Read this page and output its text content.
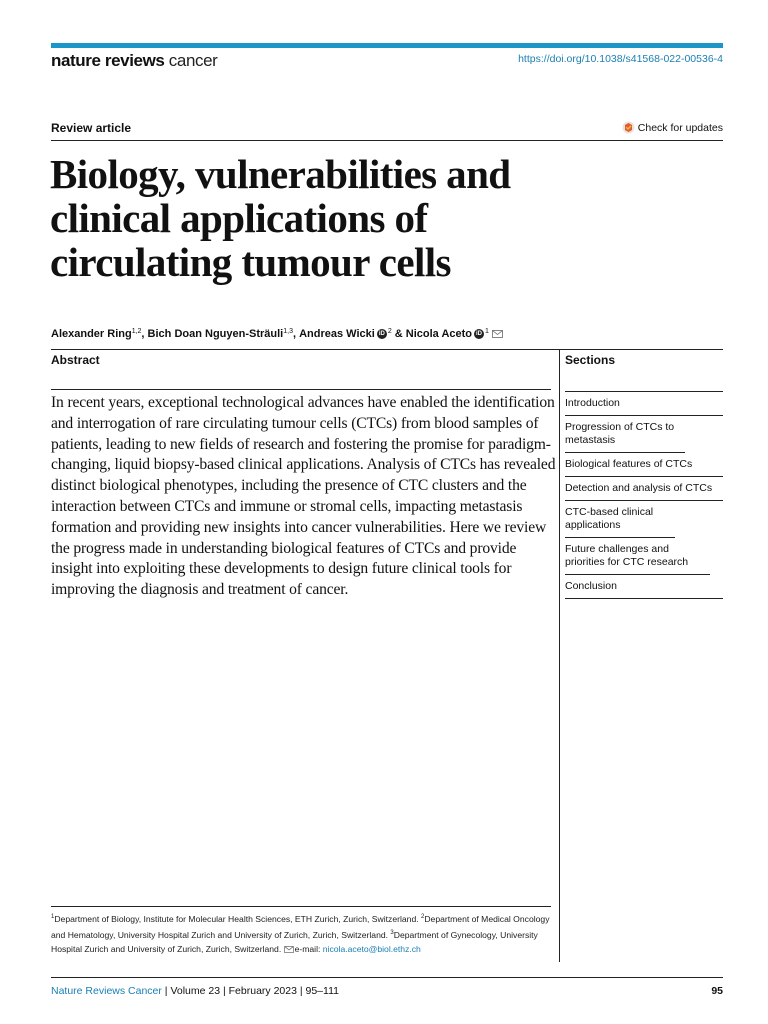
nature reviews cancer	https://doi.org/10.1038/s41568-022-00536-4
Review article	Check for updates
Biology, vulnerabilities and clinical applications of circulating tumour cells
Alexander Ring$^{1,2}$ , Bich Doan Nguyen-Sträuli$^{1,3}$ , Andreas Wicki iD $^2$ & Nicola Aceto iD $^1$
Abstract

In recent years, exceptional technological advances have enabled the identification and interrogation of rare circulating tumour cells (CTCs) from blood samples of patients, leading to new fields of research and fostering the promise for paradigm-changing, liquid biopsy-based clinical applications. Analysis of CTCs has revealed distinct biological phenotypes, including the presence of CTC clusters and the interaction between CTCs and immune or stromal cells, impacting metastasis formation and providing new insights into cancer vulnerabilities. Here we review the progress made in understanding biological features of CTCs and provide insight into exploiting these developments to design future clinical tools for improving the diagnosis and treatment of cancer.

Sections
Introduction
Progression of CTCs to metastasis
Biological features of CTCs
Detection and analysis of CTCs
CTC-based clinical applications
Future challenges and priorities for CTC research
Conclusion
$^1$Department of Biology, Institute for Molecular Health Sciences, ETH Zurich, Zurich, Switzerland. $^2$Department of Medical Oncology and Hematology, University Hospital Zurich and University of Zurich, Zurich, Switzerland. $^3$Department of Gynecology, University Hospital Zurich and University of Zurich, Zurich, Switzerland. e-mail: nicola.aceto@biol.ethz.ch
Nature Reviews Cancer | Volume 23 | February 2023 | 95–111	95
